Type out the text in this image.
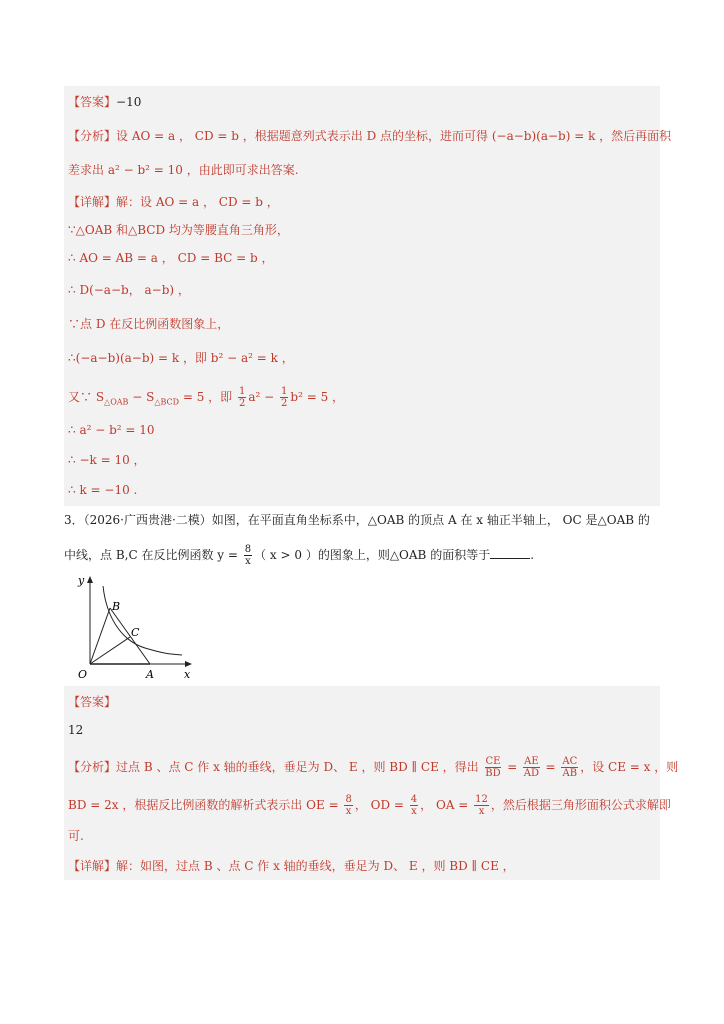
【答案】−10
【分析】设 AO = a ， CD = b ，根据题意列式表示出 D 点的坐标，进而可得 (−a−b)(a−b) = k ，然后再面积
差求出 a² − b² = 10 ，由此即可求出答案.
【详解】解：设 AO = a ， CD = b ，
∵△OAB 和△BCD 均为等腰直角三角形，
∴ AO = AB = a ， CD = BC = b ，
∴ D(−a−b， a−b) ，
∵点 D 在反比例函数图象上，
∴(−a−b)(a−b) = k ，即 b² − a² = k ，
又∵ $S_{\triangle OAB} - S_{\triangle BCD} = 5$ ，即 $\frac{1}{2} a^2 - \frac{1}{2} b^2 = 5$ ，
∴ a² − b² = 10
∴ −k = 10 ，
∴ k = −10 .
3．（2026·广西贵港·二模）如图，在平面直角坐标系中，△OAB 的顶点 A 在 x 轴正半轴上， OC 是△OAB 的
中线，点 B,C 在反比例函数 $y = \frac{8}{x}$ （ x > 0 ）的图象上，则△OAB 的面积等于	.
y
x
O	A
B
C
【答案】
12
【分析】过点 B 、点 C 作 x 轴的垂线，垂足为 D、 E ，则 BD ∥ CE ，得出 $\frac{CE}{BD} = \frac{AE}{AD} = \frac{AC}{AB}$ ，设 CE = x ，则
BD = 2x ，根据反比例函数的解析式表示出 OE = $\frac{8}{x}$ ， OD = $\frac{4}{x}$ ， OA = $\frac{12}{x}$ ，然后根据三角形面积公式求解即
可.
【详解】解：如图，过点 B 、点 C 作 x 轴的垂线，垂足为 D、 E ，则 BD ∥ CE ，
